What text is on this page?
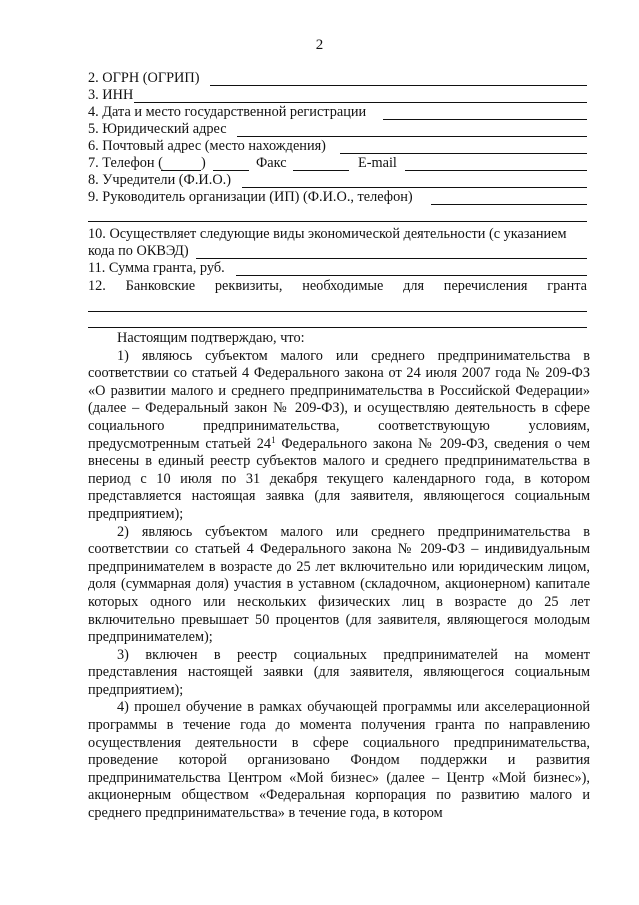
2
2. ОГРН (ОГРИП)
3. ИНН
4. Дата и место государственной регистрации
5. Юридический адрес
6. Почтовый адрес (место нахождения)
7. Телефон (	)	Факс	E-mail
8. Учредители (Ф.И.О.)
9. Руководитель организации (ИП) (Ф.И.О., телефон)
10. Осуществляет следующие виды экономической деятельности (с указанием
кода по ОКВЭД)
11. Сумма гранта, руб.
12. Банковские реквизиты, необходимые для перечисления гранта

Настоящим подтверждаю, что:

1) являюсь субъектом малого или среднего предпринимательства в соответствии со статьей 4 Федерального закона от 24 июля 2007 года № 209-ФЗ «О развитии малого и среднего предпринимательства в Российской Федерации» (далее – Федеральный закон № 209-ФЗ), и осуществляю деятельность в сфере социального предпринимательства, соответствующую условиям, предусмотренным статьей $24^1$ Федерального закона № 209-ФЗ, сведения о чем внесены в единый реестр субъектов малого и среднего предпринимательства в период с 10 июля по 31 декабря текущего календарного года, в котором представляется настоящая заявка (для заявителя, являющегося социальным предприятием);

2) являюсь субъектом малого или среднего предпринимательства в соответствии со статьей 4 Федерального закона № 209-ФЗ – индивидуальным предпринимателем в возрасте до 25 лет включительно или юридическим лицом, доля (суммарная доля) участия в уставном (складочном, акционерном) капитале которых одного или нескольких физических лиц в возрасте до 25 лет включительно превышает 50 процентов (для заявителя, являющегося молодым предпринимателем);

3) включен в реестр социальных предпринимателей на момент представления настоящей заявки (для заявителя, являющегося социальным предприятием);

4) прошел обучение в рамках обучающей программы или акселерационной программы в течение года до момента получения гранта по направлению осуществления деятельности в сфере социального предпринимательства, проведение которой организовано Фондом поддержки и развития предпринимательства Центром «Мой бизнес» (далее – Центр «Мой бизнес»), акционерным обществом «Федеральная корпорация по развитию малого и среднего предпринимательства» в течение года, в котором
